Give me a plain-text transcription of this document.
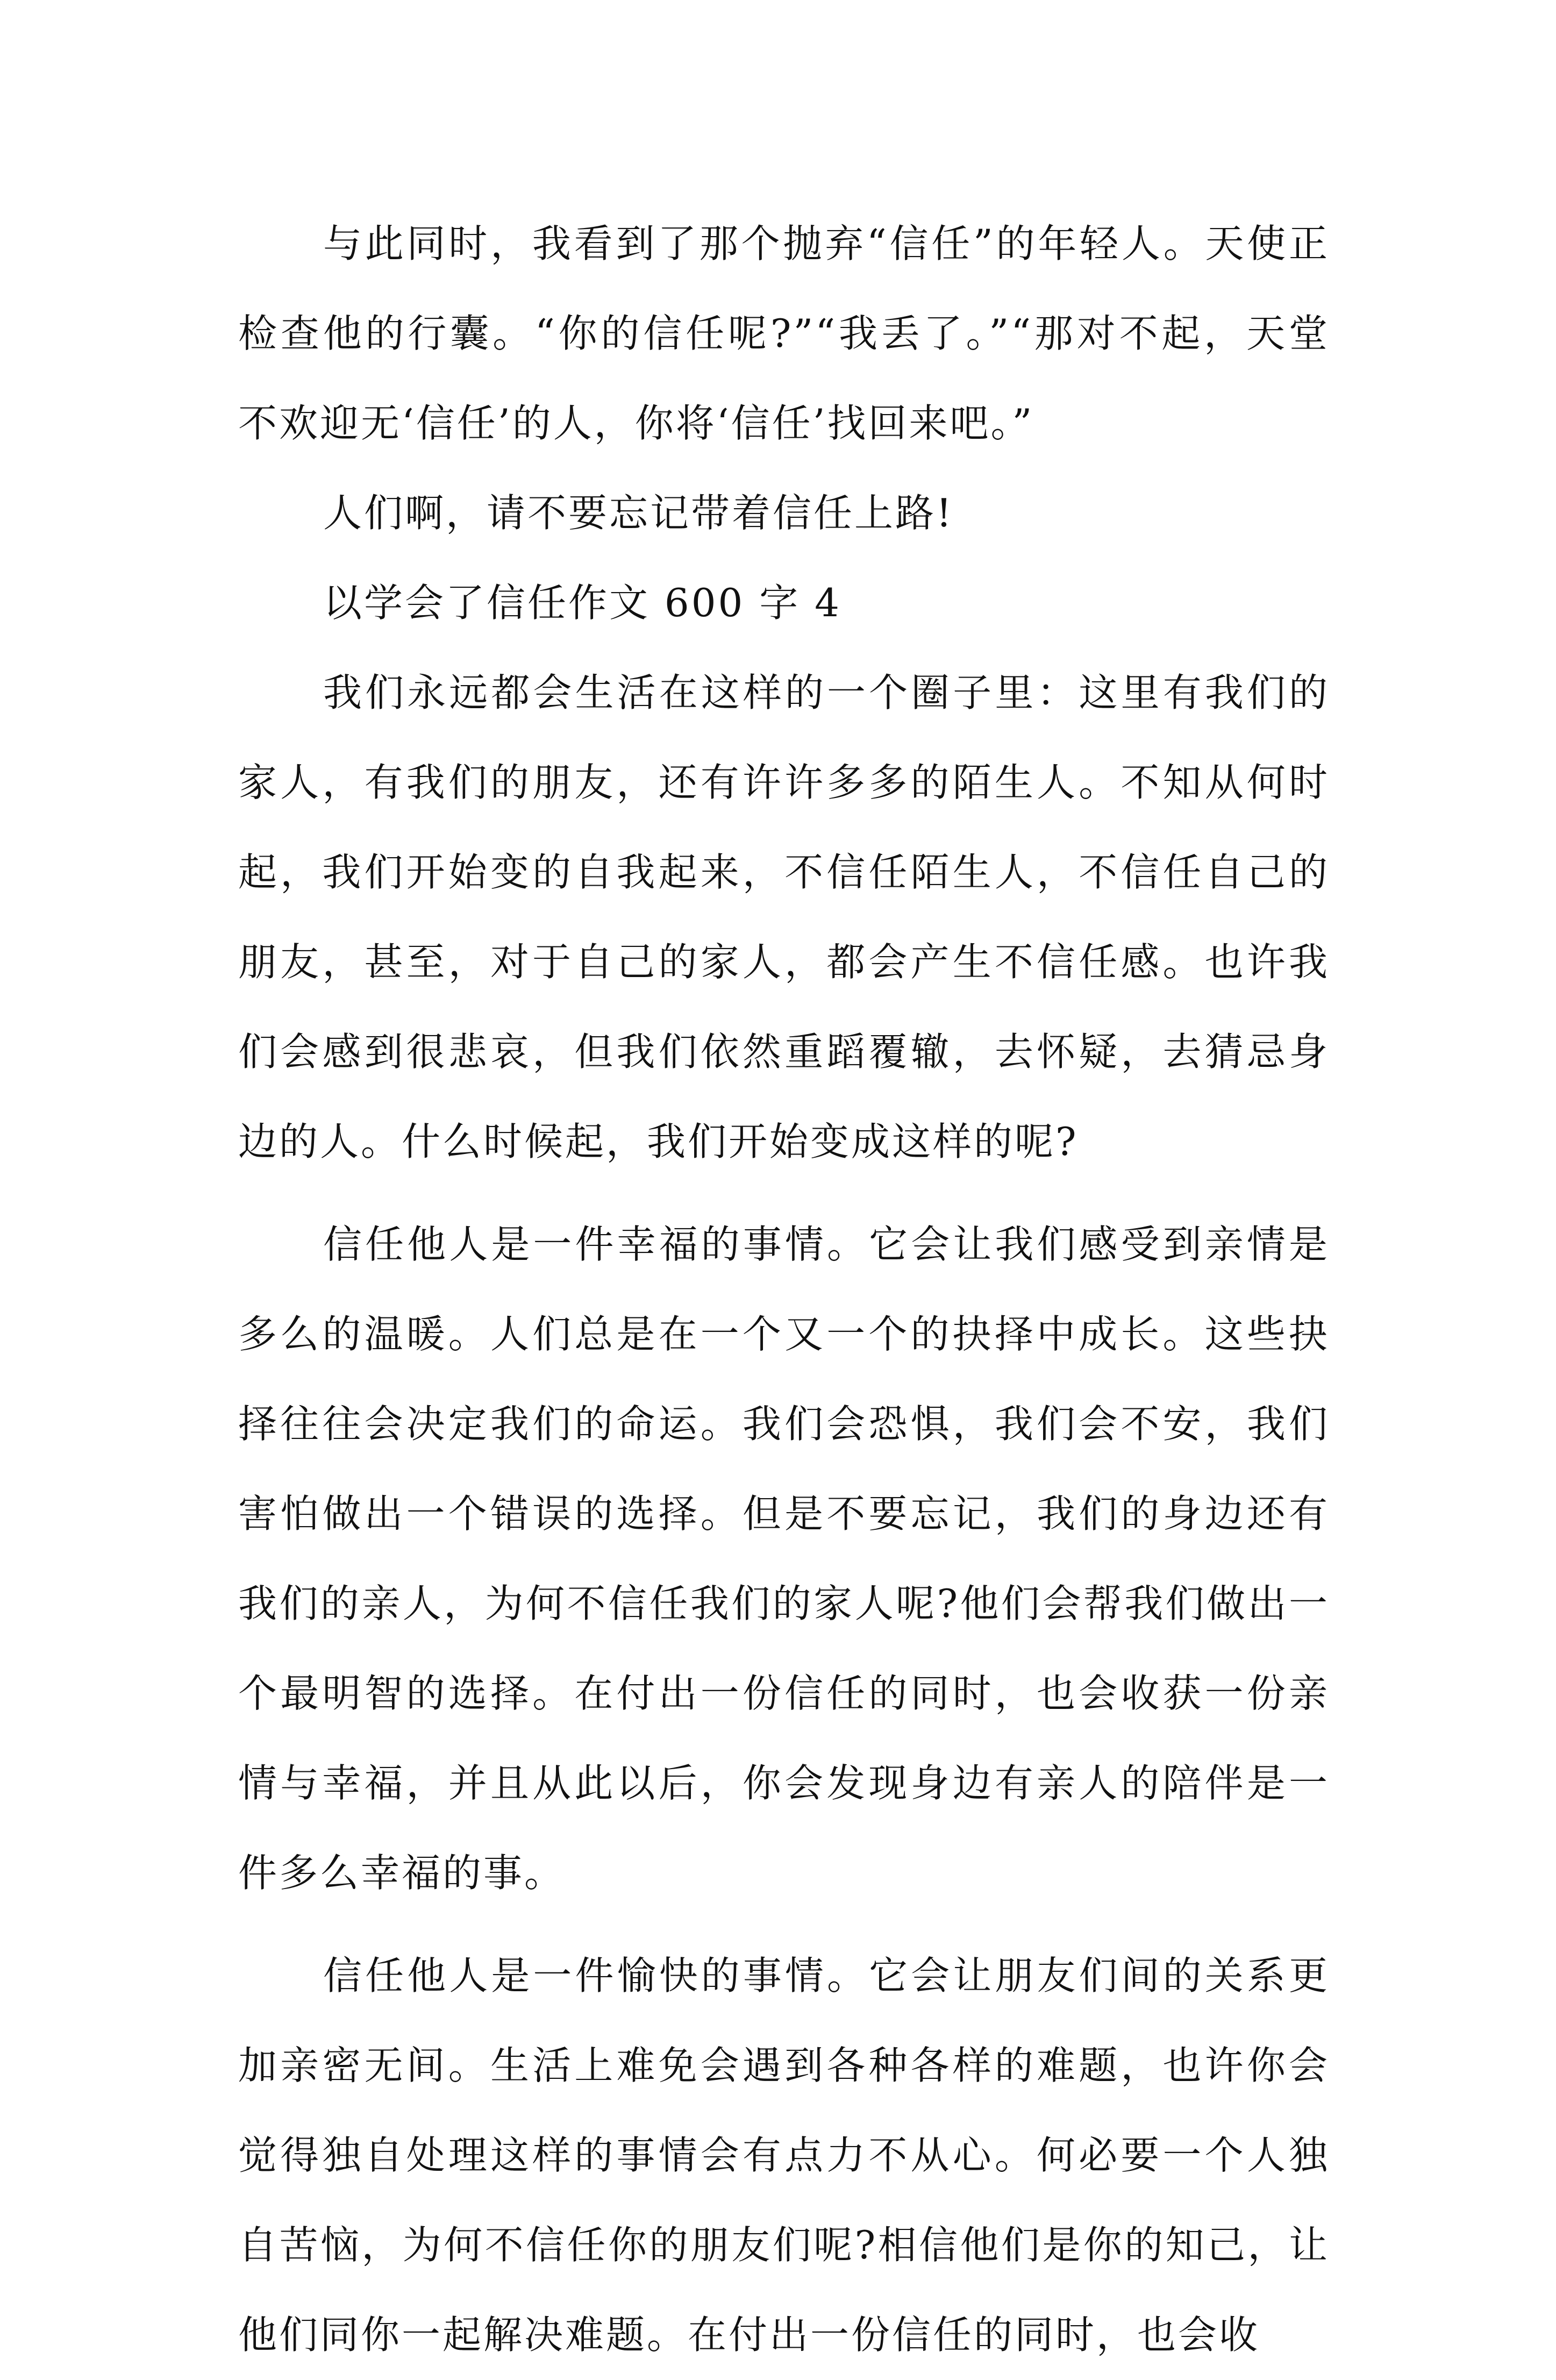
与此同时，我看到了那个抛弃“信任”的年轻人。天使正检查他的行囊。“你的信任呢?”“我丢了。”“那对不起，天堂不欢迎无‘信任’的人，你将‘信任’找回来吧。”

人们啊，请不要忘记带着信任上路!

以学会了信任作文 600 字 4

我们永远都会生活在这样的一个圈子里：这里有我们的家人，有我们的朋友，还有许许多多的陌生人。不知从何时起，我们开始变的自我起来，不信任陌生人，不信任自己的朋友，甚至，对于自己的家人，都会产生不信任感。也许我们会感到很悲哀，但我们依然重蹈覆辙，去怀疑，去猜忌身边的人。什么时候起，我们开始变成这样的呢?

信任他人是一件幸福的事情。它会让我们感受到亲情是多么的温暖。人们总是在一个又一个的抉择中成长。这些抉择往往会决定我们的命运。我们会恐惧，我们会不安，我们害怕做出一个错误的选择。但是不要忘记，我们的身边还有我们的亲人，为何不信任我们的家人呢?他们会帮我们做出一个最明智的选择。在付出一份信任的同时，也会收获一份亲情与幸福，并且从此以后，你会发现身边有亲人的陪伴是一件多么幸福的事。

信任他人是一件愉快的事情。它会让朋友们间的关系更加亲密无间。生活上难免会遇到各种各样的难题，也许你会觉得独自处理这样的事情会有点力不从心。何必要一个人独自苦恼，为何不信任你的朋友们呢?相信他们是你的知己，让他们同你一起解决难题。在付出一份信任的同时，也会收
